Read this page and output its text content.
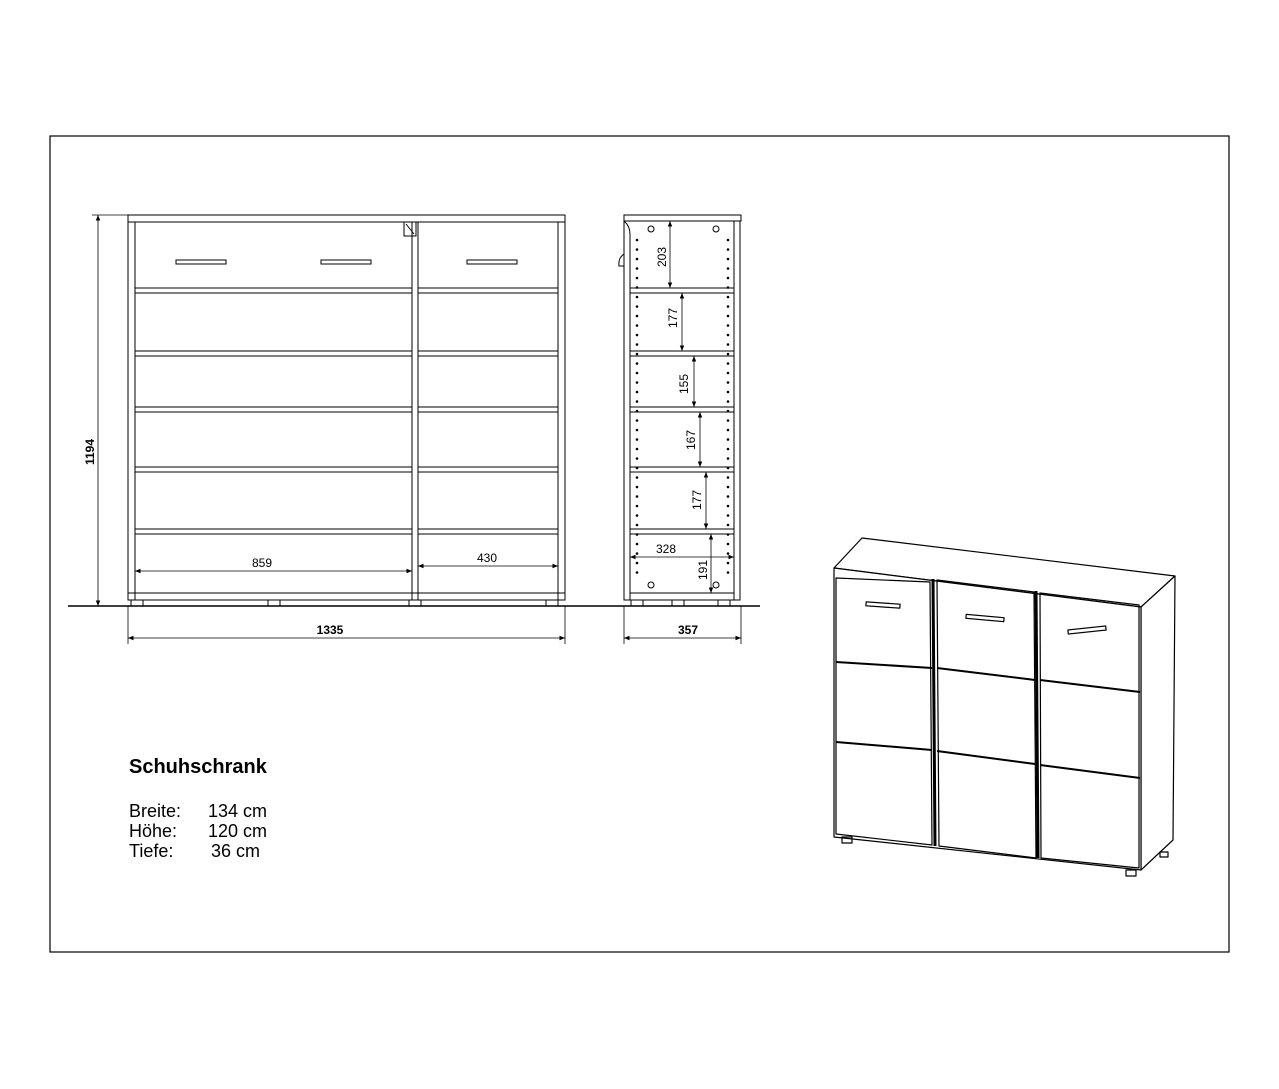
1194
1335
859	430
203
177
155
167
177
191
328
357
Schuhschrank
Breite:	134 cm
Höhe:	120 cm
Tiefe:	36 cm
